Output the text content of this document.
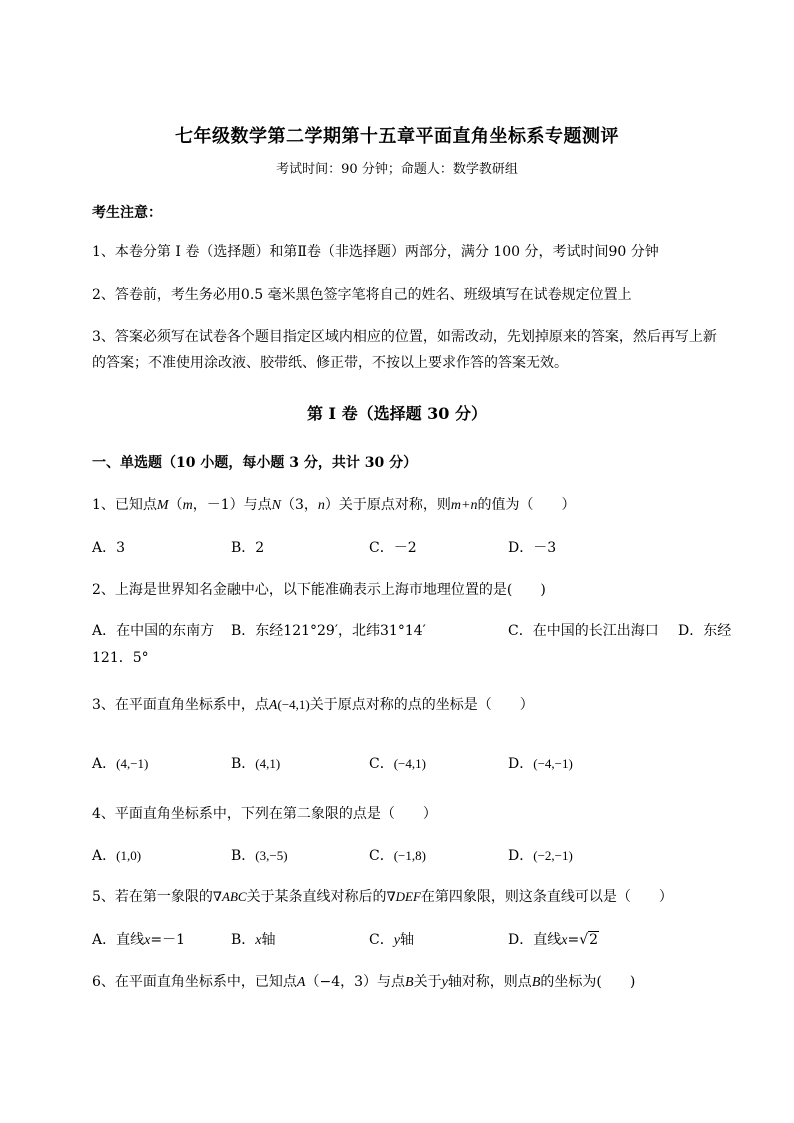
七年级数学第二学期第十五章平面直角坐标系专题测评
考试时间：90 分钟；命题人：数学教研组
考生注意：
1、本卷分第 I 卷（选择题）和第Ⅱ卷（非选择题）两部分，满分 100 分，考试时间90 分钟
2、答卷前，考生务必用0.5 毫米黑色签字笔将自己的姓名、班级填写在试卷规定位置上
3、答案必须写在试卷各个题目指定区域内相应的位置，如需改动，先划掉原来的答案，然后再写上新
的答案；不准使用涂改液、胶带纸、修正带，不按以上要求作答的答案无效。
第 I 卷（选择题 30 分）
一、单选题（10 小题，每小题 3 分，共计 30 分）
1、已知点M（m，－1）与点N（3，n）关于原点对称，则m+n的值为（　　）
A．3	B．2	C．－2	D．－3
2、上海是世界知名金融中心，以下能准确表示上海市地理位置的是(　　)
A．在中国的东南方 B．东经121°29′，北纬31°14′	C．在中国的长江出海口 D．东经
121．5°
3、在平面直角坐标系中，点A(−4,1)关于原点对称的点的坐标是（　　）
A．(4,−1)	B．(4,1)	C．(−4,1)	D．(−4,−1)
4、平面直角坐标系中，下列在第二象限的点是（　　）
A．(1,0)	B．(3,−5)	C．(−1,8)	D．(−2,−1)
5、若在第一象限的∇ABC关于某条直线对称后的∇DEF在第四象限，则这条直线可以是（　　）
A．直线x=－1	B．x轴	C．y轴	D．直线x=√2
6、在平面直角坐标系中，已知点A（−4，3）与点B关于y轴对称，则点B的坐标为(　　)
